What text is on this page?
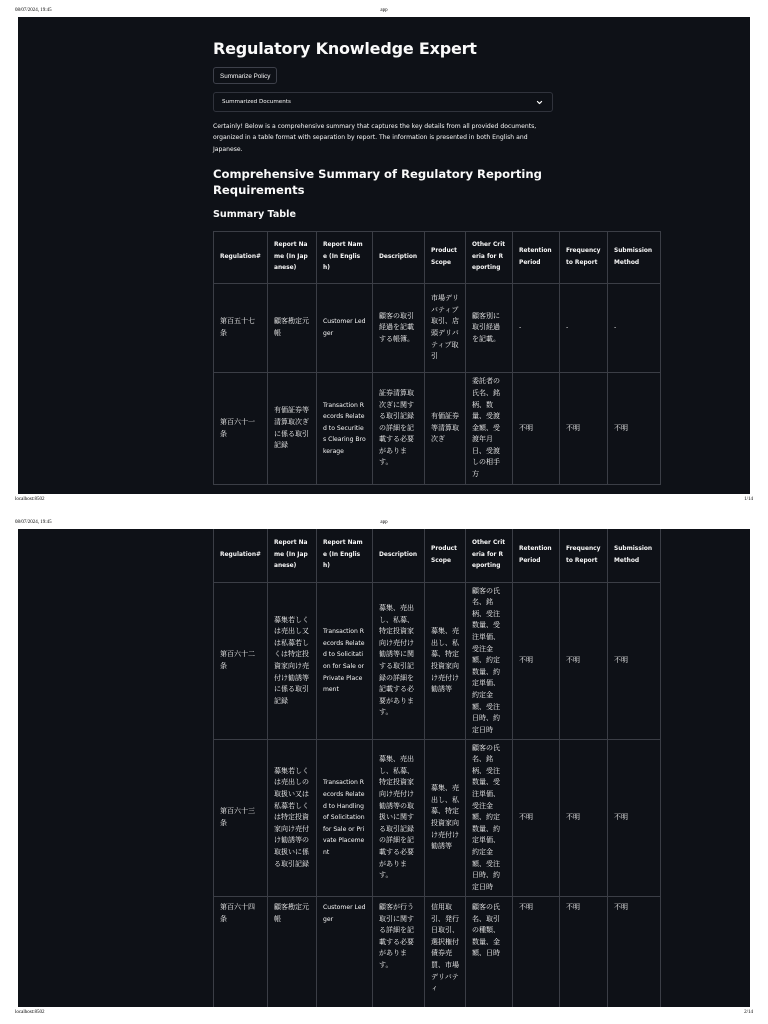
08/07/2024, 19:45	app
Regulatory Knowledge Expert
Summarize Policy
Summarized Documents

Certainly! Below is a comprehensive summary that captures the key details from all provided documents, organized in a table format with separation by report. The information is presented in both English and Japanese.

Comprehensive Summary of Regulatory Reporting Requirements
Summary Table
Regulation#	Report Name (In Japanese)	Report Name (In English)	Description	Product Scope	Other Criteria for Reporting	Retention Period	Frequency to Report	Submission Method
第百五十七条	顧客勘定元帳	Customer Ledger	顧客の取引経過を記載する帳簿。	市場デリバティブ取引、店頭デリバティブ取引	顧客別に取引経過を記載。	-	-	-
第百六十一条	有価証券等清算取次ぎに係る取引記録	Transaction Records Related to Securities Clearing Brokerage	証券清算取次ぎに関する取引記録の詳細を記載する必要があります。	有価証券等清算取次ぎ	委託者の氏名、銘柄、数量、受渡金額、受渡年月日、受渡しの相手方	不明	不明	不明
localhost:8502	1/14
08/07/2024, 19:45	app
Regulation#	Report Name (In Japanese)	Report Name (In English)	Description	Product Scope	Other Criteria for Reporting	Retention Period	Frequency to Report	Submission Method
第百六十二条	募集若しくは売出し又は私募若しくは特定投資家向け売付け勧誘等に係る取引記録	Transaction Records Related to Solicitation for Sale or Private Placement	募集、売出し、私募、特定投資家向け売付け勧誘等に関する取引記録の詳細を記載する必要があります。	募集、売出し、私募、特定投資家向け売付け勧誘等	顧客の氏名、銘柄、受注数量、受注単価、受注金額、約定数量、約定単価、約定金額、受注日時、約定日時	不明	不明	不明
第百六十三条	募集若しくは売出しの取扱い又は私募若しくは特定投資家向け売付け勧誘等の取扱いに係る取引記録	Transaction Records Related to Handling of Solicitation for Sale or Private Placement	募集、売出し、私募、特定投資家向け売付け勧誘等の取扱いに関する取引記録の詳細を記載する必要があります。	募集、売出し、私募、特定投資家向け売付け勧誘等	顧客の氏名、銘柄、受注数量、受注単価、受注金額、約定数量、約定単価、約定金額、受注日時、約定日時	不明	不明	不明
第百六十四条	顧客勘定元帳	Customer Ledger	顧客が行う取引に関する詳細を記載する必要があります。	信用取引、発行日取引、選択権付債券売買、市場デリバティ	顧客の氏名、取引の種類、数量、金額、日時	不明	不明	不明
localhost:8502	2/14
